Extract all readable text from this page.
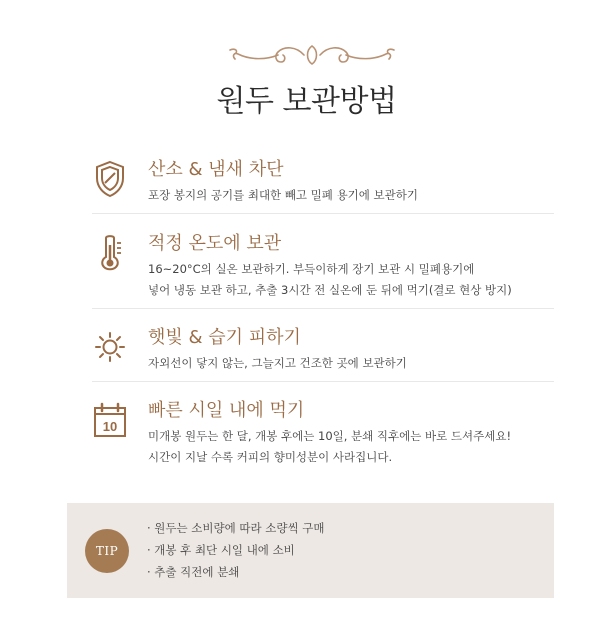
원두 보관방법
산소 & 냄새 차단
포장 봉지의 공기를 최대한 빼고 밀폐 용기에 보관하기
적정 온도에 보관
16~20°C의 실온 보관하기. 부득이하게 장기 보관 시 밀폐용기에
넣어 냉동 보관 하고, 추출 3시간 전 실온에 둔 뒤에 먹기(결로 현상 방지)
햇빛 & 습기 피하기
자외선이 닿지 않는, 그늘지고 건조한 곳에 보관하기
10
빠른 시일 내에 먹기
미개봉 원두는 한 달, 개봉 후에는 10일, 분쇄 직후에는 바로 드셔주세요!
시간이 지날 수록 커피의 향미성분이 사라집니다.
TIP
· 원두는 소비량에 따라 소량씩 구매
· 개봉 후 최단 시일 내에 소비
· 추출 직전에 분쇄
